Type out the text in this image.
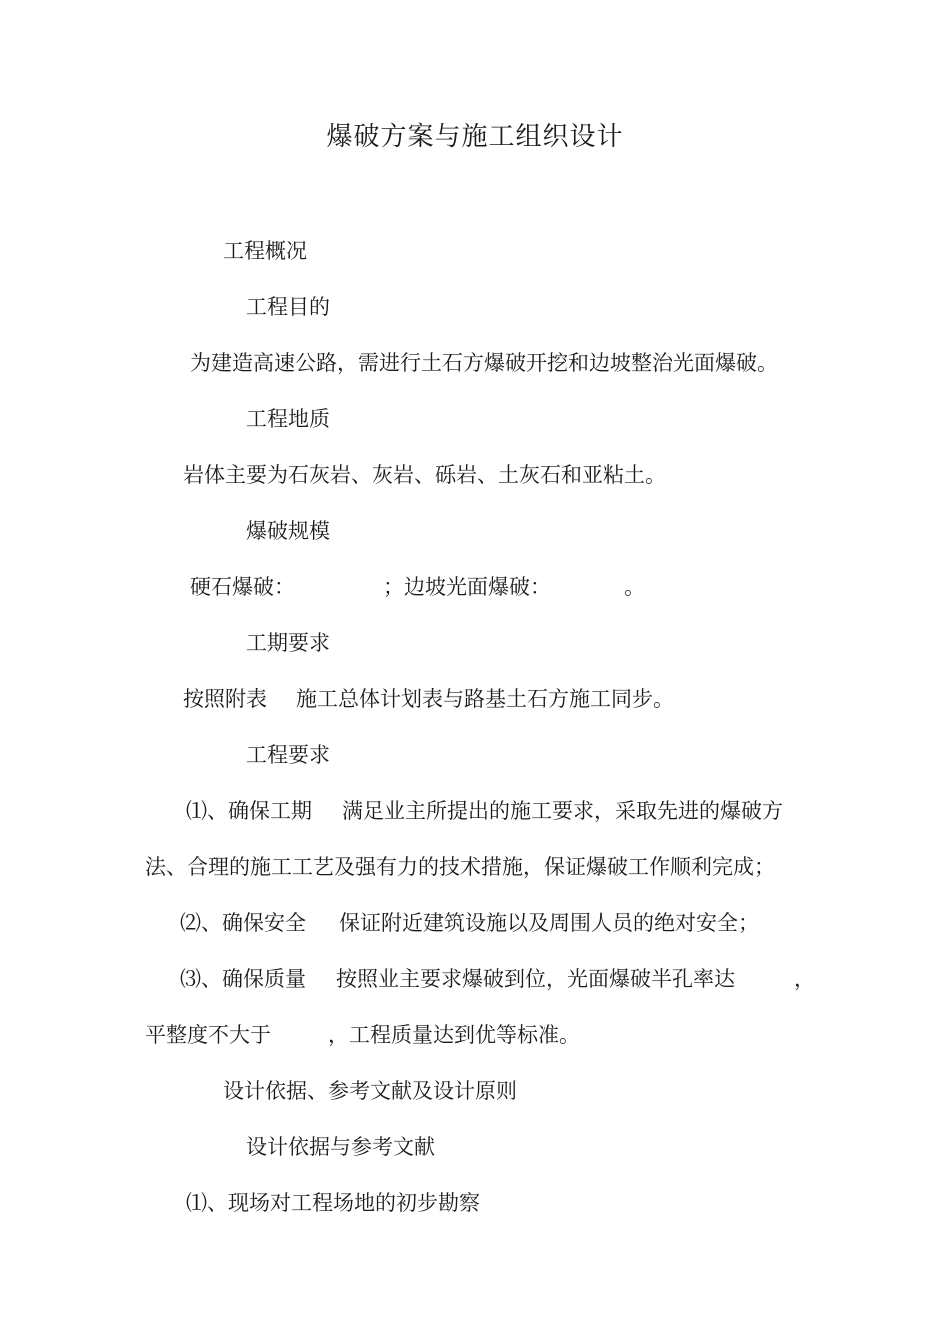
爆破方案与施工组织设计
工程概况
工程目的
为建造高速公路，需进行土石方爆破开挖和边坡整治光面爆破。
工程地质
岩体主要为石灰岩、灰岩、砾岩、土灰石和亚粘土。
爆破规模
硬石爆破：	；边坡光面爆破：	。
工期要求
按照附表 施工总体计划表与路基土石方施工同步。
工程要求
⑴、确保工期 满足业主所提出的施工要求，采取先进的爆破方
法、合理的施工工艺及强有力的技术措施，保证爆破工作顺利完成；
⑵、确保安全 保证附近建筑设施以及周围人员的绝对安全；
⑶、确保质量 按照业主要求爆破到位，光面爆破半孔率达	，
平整度不大于	，工程质量达到优等标准。
设计依据、参考文献及设计原则
设计依据与参考文献
⑴、现场对工程场地的初步勘察
